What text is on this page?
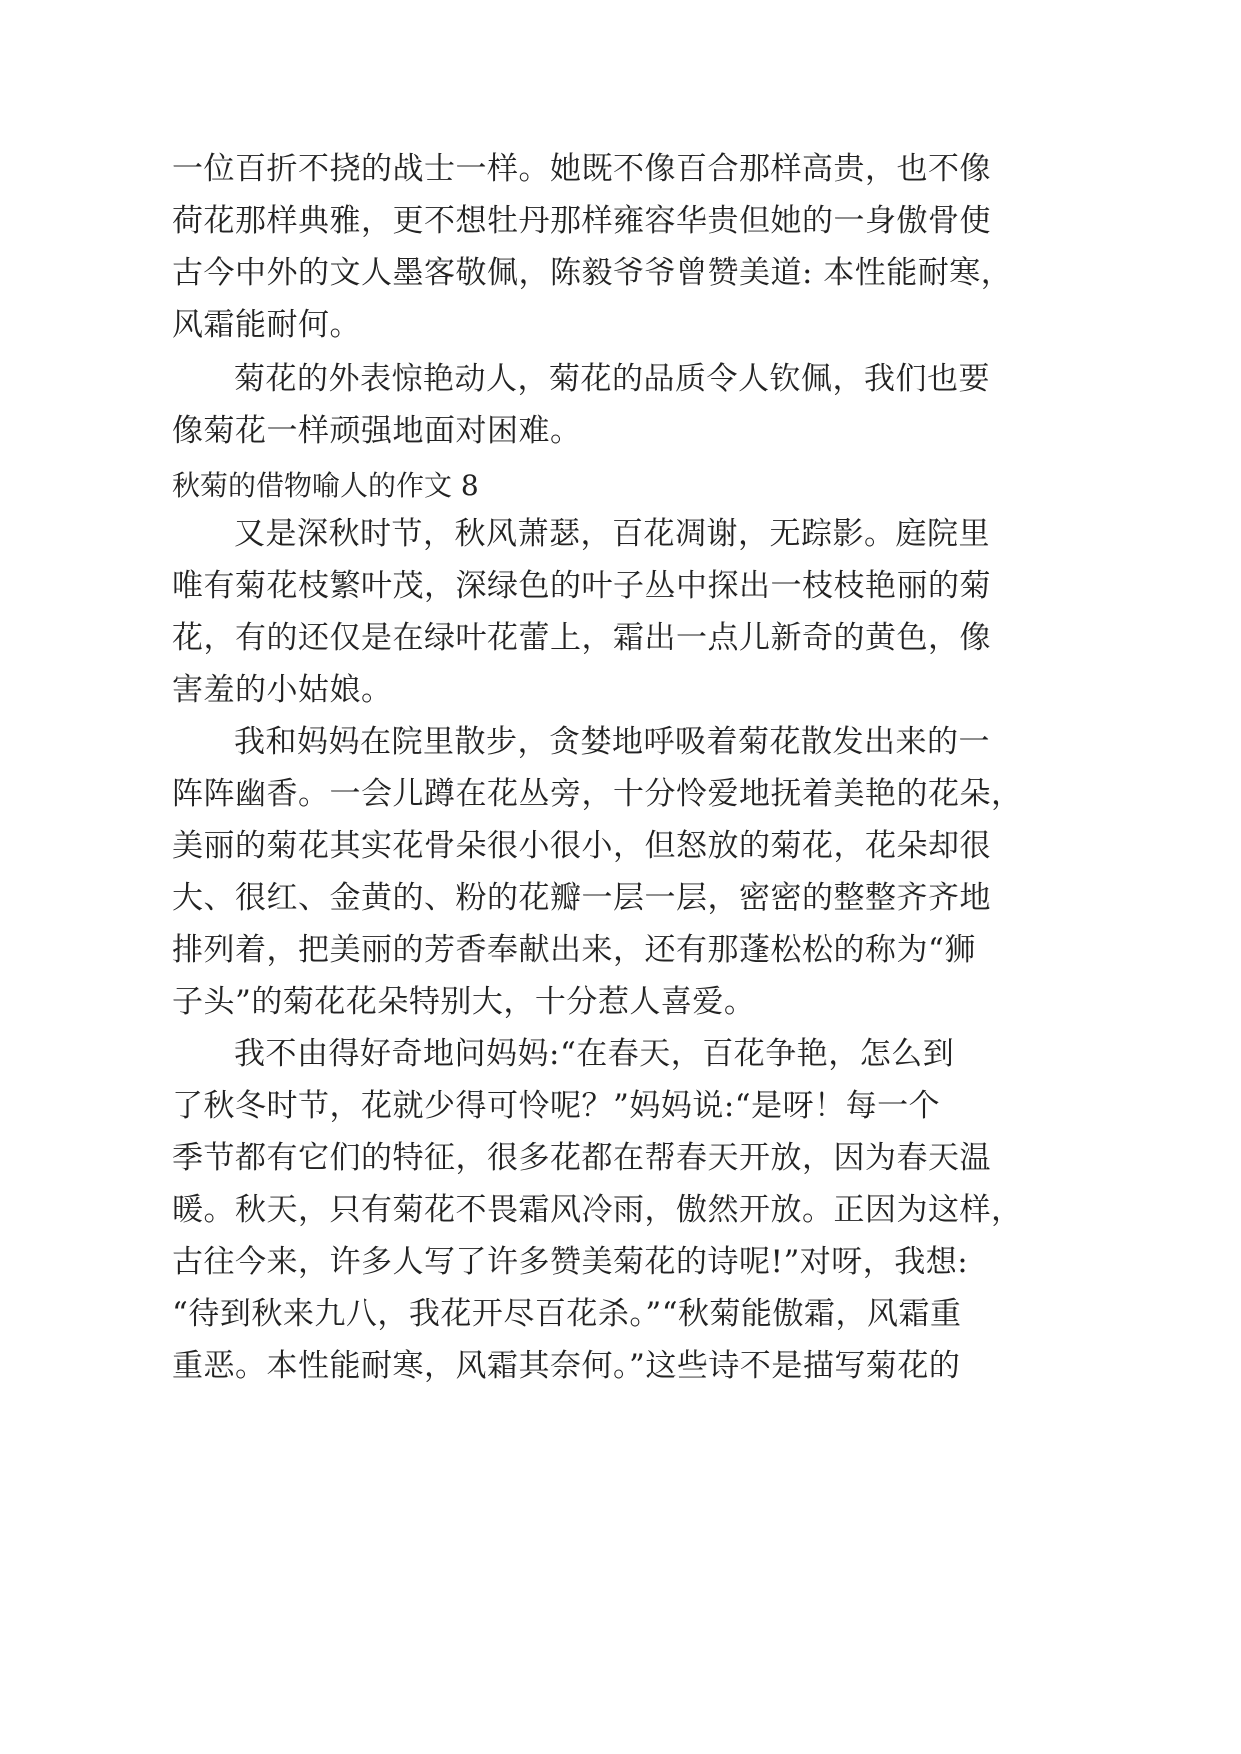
一位百折不挠的战士一样。她既不像百合那样高贵，也不像
荷花那样典雅，更不想牡丹那样雍容华贵但她的一身傲骨使
古今中外的文人墨客敬佩，陈毅爷爷曾赞美道: 本性能耐寒，
风霜能耐何。
菊花的外表惊艳动人，菊花的品质令人钦佩，我们也要
像菊花一样顽强地面对困难。
秋菊的借物喻人的作文 8
又是深秋时节，秋风萧瑟，百花凋谢，无踪影。庭院里
唯有菊花枝繁叶茂，深绿色的叶子丛中探出一枝枝艳丽的菊
花，有的还仅是在绿叶花蕾上，霜出一点儿新奇的黄色，像
害羞的小姑娘。
我和妈妈在院里散步，贪婪地呼吸着菊花散发出来的一
阵阵幽香。一会儿蹲在花丛旁，十分怜爱地抚着美艳的花朵，
美丽的菊花其实花骨朵很小很小，但怒放的菊花，花朵却很
大、很红、金黄的、粉的花瓣一层一层，密密的整整齐齐地
排列着，把美丽的芳香奉献出来，还有那蓬松松的称为“狮
子头”的菊花花朵特别大，十分惹人喜爱。
我不由得好奇地问妈妈:“在春天，百花争艳，怎么到
了秋冬时节，花就少得可怜呢？”妈妈说:“是呀！每一个
季节都有它们的特征，很多花都在帮春天开放，因为春天温
暖。秋天，只有菊花不畏霜风冷雨，傲然开放。正因为这样，
古往今来，许多人写了许多赞美菊花的诗呢!”对呀，我想:
“待到秋来九八，我花开尽百花杀。”“秋菊能傲霜，风霜重
重恶。本性能耐寒，风霜其奈何。”这些诗不是描写菊花的
